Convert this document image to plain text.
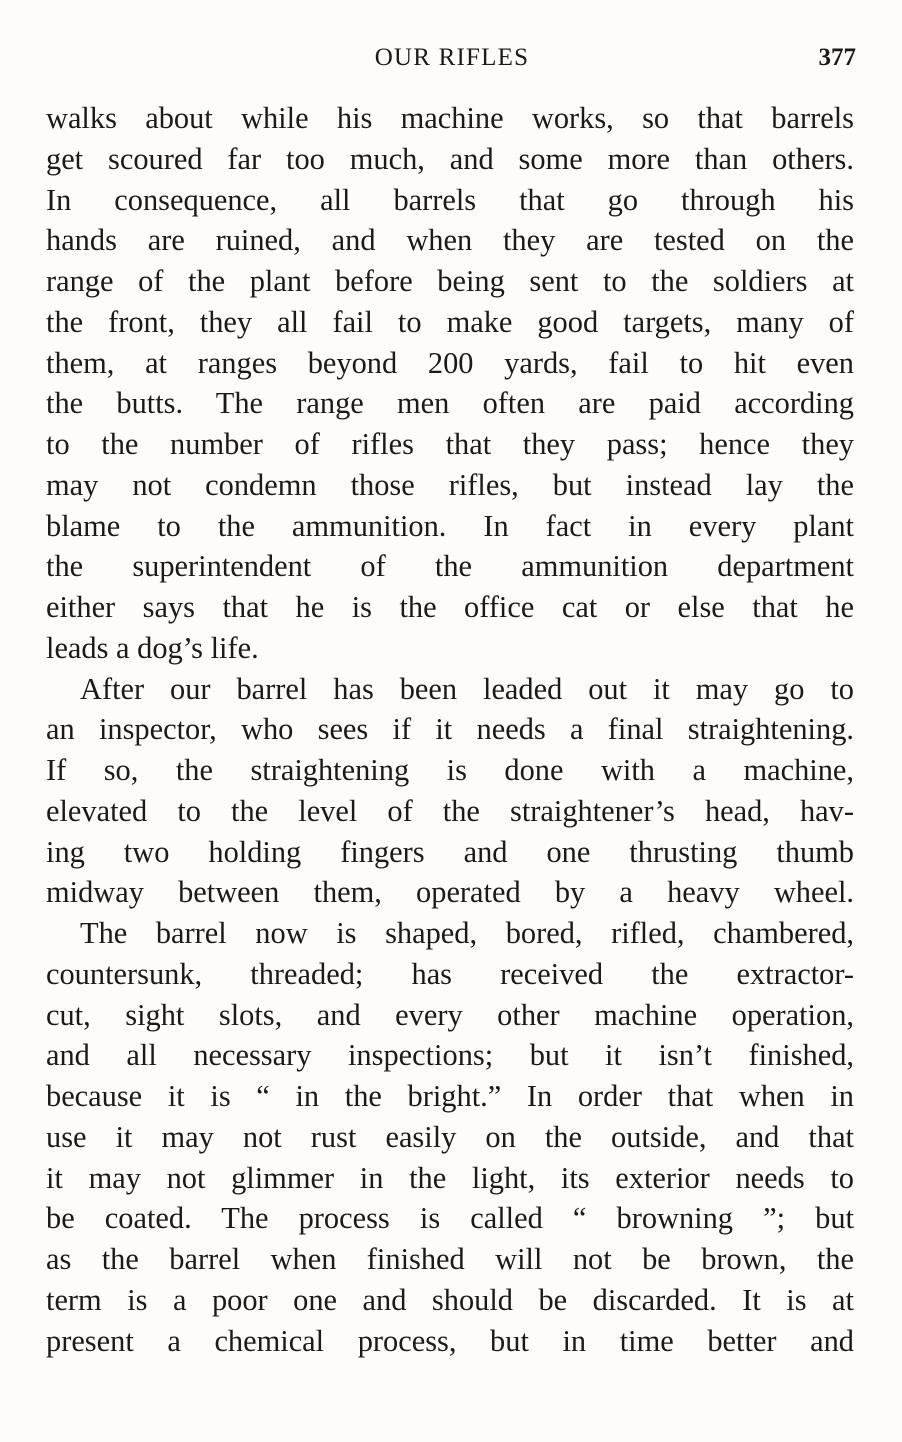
OUR RIFLES	377
walks about while his machine works, so that barrels
get scoured far too much, and some more than others.
In consequence, all barrels that go through his
hands are ruined, and when they are tested on the
range of the plant before being sent to the soldiers at
the front, they all fail to make good targets, many of
them, at ranges beyond 200 yards, fail to hit even
the butts. The range men often are paid according
to the number of rifles that they pass; hence they
may not condemn those rifles, but instead lay the
blame to the ammunition. In fact in every plant
the superintendent of the ammunition department
either says that he is the office cat or else that he
leads a dog’s life.
After our barrel has been leaded out it may go to
an inspector, who sees if it needs a final straightening.
If so, the straightening is done with a machine,
elevated to the level of the straightener’s head, hav-
ing two holding fingers and one thrusting thumb
midway between them, operated by a heavy wheel.
The barrel now is shaped, bored, rifled, chambered,
countersunk, threaded; has received the extractor-
cut, sight slots, and every other machine operation,
and all necessary inspections; but it isn’t finished,
because it is “ in the bright.” In order that when in
use it may not rust easily on the outside, and that
it may not glimmer in the light, its exterior needs to
be coated. The process is called “ browning ”; but
as the barrel when finished will not be brown, the
term is a poor one and should be discarded. It is at
present a chemical process, but in time better and
